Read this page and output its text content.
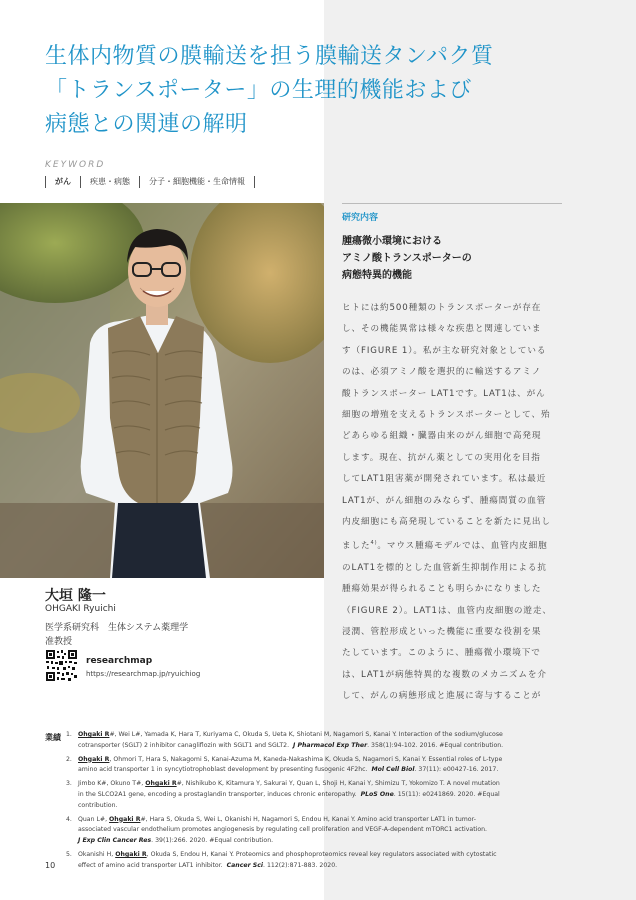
生体内物質の膜輸送を担う膜輸送タンパク質
「トランスポーター」の生理的機能および
病態との関連の解明
KEYWORD
がん	疾患・病態	分子・細胞機能・生命情報
大垣 隆一
OHGAKI Ryuichi
医学系研究科　生体システム薬理学
准教授
researchmap
https://researchmap.jp/ryuichiog
研究内容
腫瘍微小環境における
アミノ酸トランスポーターの
病態特異的機能
ヒトには約500種類のトランスポーターが存在
し、その機能異常は様々な疾患と関連していま
す（FIGURE 1）。私が主な研究対象としている
のは、必須アミノ酸を選択的に輸送するアミノ
酸トランスポーター LAT1です。LAT1は、がん
細胞の増殖を支えるトランスポーターとして、殆
どあらゆる組織・臓器由来のがん細胞で高発現
します。現在、抗がん薬としての実用化を目指
してLAT1阻害薬が開発されています。私は最近
LAT1が、がん細胞のみならず、腫瘍間質の血管
内皮細胞にも高発現していることを新たに見出し
ました$^{4)}$。マウス腫瘍モデルでは、血管内皮細胞
のLAT1を標的とした血管新生抑制作用による抗
腫瘍効果が得られることも明らかになりました
（FIGURE 2）。LAT1は、血管内皮細胞の遊走、
浸潤、管腔形成といった機能に重要な役割を果
たしています。このように、腫瘍微小環境下で
は、LAT1が病態特異的な複数のメカニズムを介
して、がんの病態形成と進展に寄与することが
業績 1. Ohgaki R#, Wei L#, Yamada K, Hara T, Kuriyama C, Okuda S, Ueta K, Shiotani M, Nagamori S, Kanai Y. Interaction of the sodium/glucose
cotransporter (SGLT) 2 inhibitor canagliflozin with SGLT1 and SGLT2. J Pharmacol Exp Ther. 358(1):94-102. 2016. #Equal contribution.
2. Ohgaki R, Ohmori T, Hara S, Nakagomi S, Kanai-Azuma M, Kaneda-Nakashima K, Okuda S, Nagamori S, Kanai Y. Essential roles of L-type
amino acid transporter 1 in syncytiotrophoblast development by presenting fusogenic 4F2hc. Mol Cell Biol. 37(11): e00427-16. 2017.
3. Jimbo K#, Okuno T#, Ohgaki R#, Nishikubo K, Kitamura Y, Sakurai Y, Quan L, Shoji H, Kanai Y, Shimizu T, Yokomizo T. A novel mutation
in the SLCO2A1 gene, encoding a prostaglandin transporter, induces chronic enteropathy. PLoS One. 15(11): e0241869. 2020. #Equal
contribution.
4. Quan L#, Ohgaki R#, Hara S, Okuda S, Wei L, Okanishi H, Nagamori S, Endou H, Kanai Y. Amino acid transporter LAT1 in tumor-
associated vascular endothelium promotes angiogenesis by regulating cell proliferation and VEGF-A-dependent mTORC1 activation.
J Exp Clin Cancer Res. 39(1):266. 2020. #Equal contribution.
5. Okanishi H, Ohgaki R, Okuda S, Endou H, Kanai Y. Proteomics and phosphoproteomics reveal key regulators associated with cytostatic
effect of amino acid transporter LAT1 inhibitor. Cancer Sci. 112(2):871-883. 2020.
10
